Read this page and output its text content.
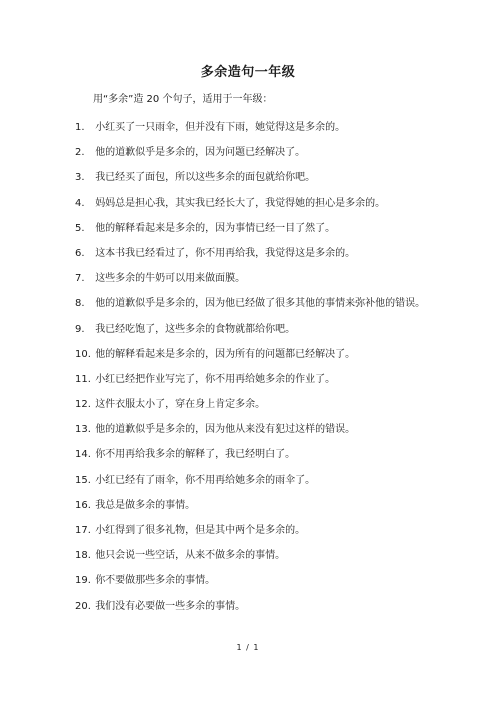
多余造句一年级
用“多余”造 20 个句子，适用于一年级：
1. 小红买了一只雨伞，但并没有下雨，她觉得这是多余的。
2. 他的道歉似乎是多余的，因为问题已经解决了。
3. 我已经买了面包，所以这些多余的面包就给你吧。
4. 妈妈总是担心我，其实我已经长大了，我觉得她的担心是多余的。
5. 他的解释看起来是多余的，因为事情已经一目了然了。
6. 这本书我已经看过了，你不用再给我，我觉得这是多余的。
7. 这些多余的牛奶可以用来做面膜。
8. 他的道歉似乎是多余的，因为他已经做了很多其他的事情来弥补他的错误。
9. 我已经吃饱了，这些多余的食物就都给你吧。
10. 他的解释看起来是多余的，因为所有的问题都已经解决了。
11. 小红已经把作业写完了，你不用再给她多余的作业了。
12. 这件衣服太小了，穿在身上肯定多余。
13. 他的道歉似乎是多余的，因为他从来没有犯过这样的错误。
14. 你不用再给我多余的解释了，我已经明白了。
15. 小红已经有了雨伞，你不用再给她多余的雨伞了。
16. 我总是做多余的事情。
17. 小红得到了很多礼物，但是其中两个是多余的。
18. 他只会说一些空话，从来不做多余的事情。
19. 你不要做那些多余的事情。
20. 我们没有必要做一些多余的事情。
1 / 1
